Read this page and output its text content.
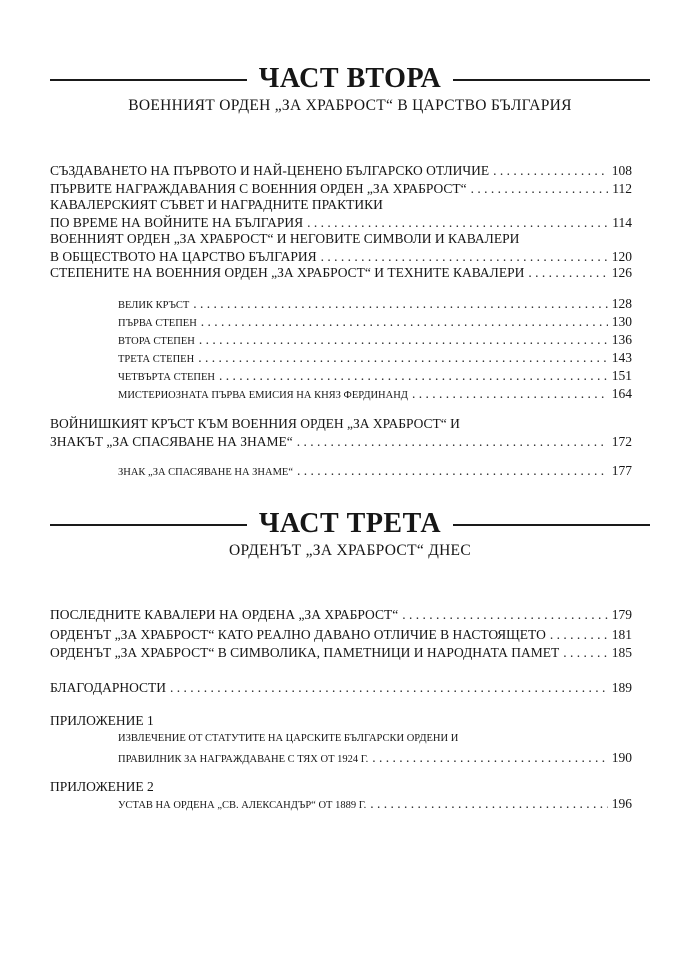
ЧАСТ ВТОРА
ВОЕННИЯТ ОРДЕН „ЗА ХРАБРОСТ“ В ЦАРСТВО БЪЛГАРИЯ
СЪЗДАВАНЕТО НА ПЪРВОТО И НАЙ-ЦЕНЕНО БЪЛГАРСКО ОТЛИЧИЕ . . .	108
ПЪРВИТЕ НАГРАЖДАВАНИЯ С ВОЕННИЯ ОРДЕН „ЗА ХРАБРОСТ“ . . .	112
КАВАЛЕРСКИЯТ СЪВЕТ И НАГРАДНИТЕ ПРАКТИКИ
ПО ВРЕМЕ НА ВОЙНИТЕ НА БЪЛГАРИЯ . . .	114
ВОЕННИЯТ ОРДЕН „ЗА ХРАБРОСТ“ И НЕГОВИТЕ СИМВОЛИ И КАВАЛЕРИ
В ОБЩЕСТВОТО НА ЦАРСТВО БЪЛГАРИЯ . . .	120
СТЕПЕНИТЕ НА ВОЕННИЯ ОРДЕН „ЗА ХРАБРОСТ“ И ТЕХНИТЕ КАВАЛЕРИ . . .	126
ВЕЛИК КРЪСТ . . .	128
ПЪРВА СТЕПЕН . . .	130
ВТОРА СТЕПЕН . . .	136
ТРЕТА СТЕПЕН . . .	143
ЧЕТВЪРТА СТЕПЕН . . .	151
МИСТЕРИОЗНАТА ПЪРВА ЕМИСИЯ НА КНЯЗ ФЕРДИНАНД . . .	164
ВОЙНИШКИЯТ КРЪСТ КЪМ ВОЕННИЯ ОРДЕН „ЗА ХРАБРОСТ“ И
ЗНАКЪТ „ЗА СПАСЯВАНЕ НА ЗНАМЕ“ . . .	172
ЗНАК „ЗА СПАСЯВАНЕ НА ЗНАМЕ“ . . .	177
ЧАСТ ТРЕТА
ОРДЕНЪТ „ЗА ХРАБРОСТ“ ДНЕС
ПОСЛЕДНИТЕ КАВАЛЕРИ НА ОРДЕНА „ЗА ХРАБРОСТ“ . . .	179
ОРДЕНЪТ „ЗА ХРАБРОСТ“ КАТО РЕАЛНО ДАВАНО ОТЛИЧИЕ В НАСТОЯЩЕТО . . .	181
ОРДЕНЪТ „ЗА ХРАБРОСТ“ В СИМВОЛИКА, ПАМЕТНИЦИ И НАРОДНАТА ПАМЕТ . . .	185
БЛАГОДАРНОСТИ . . .	189
ПРИЛОЖЕНИЕ 1
ИЗВЛЕЧЕНИЕ ОТ СТАТУТИТЕ НА ЦАРСКИТЕ БЪЛГАРСКИ ОРДЕНИ И
ПРАВИЛНИК ЗА НАГРАЖДАВАНЕ С ТЯХ ОТ 1924 Г. . . .	190
ПРИЛОЖЕНИЕ 2
УСТАВ НА ОРДЕНА „СВ. АЛЕКСАНДЪР“ ОТ 1889 Г. . . .	196
